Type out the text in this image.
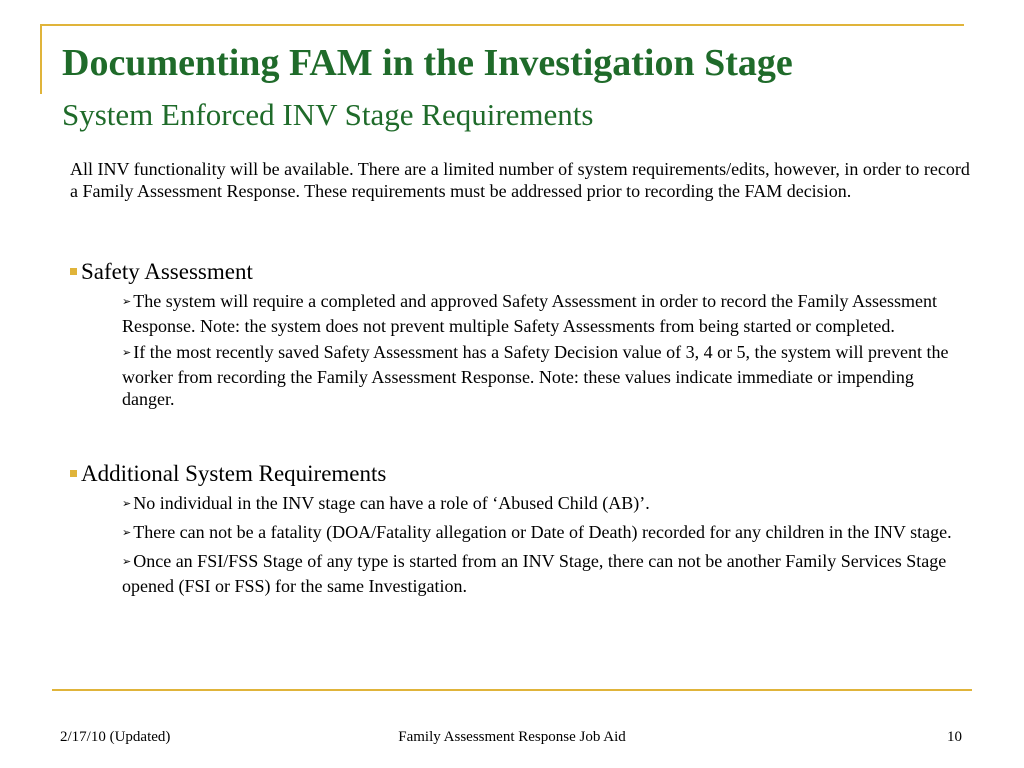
Documenting FAM in the Investigation Stage
System Enforced INV Stage Requirements

All INV functionality will be available. There are a limited number of system requirements/edits, however, in order to record a Family Assessment Response. These requirements must be addressed prior to recording the FAM decision.

Safety Assessment

➢ The system will require a completed and approved Safety Assessment in order to record the Family Assessment Response. Note: the system does not prevent multiple Safety Assessments from being started or completed.
➢ If the most recently saved Safety Assessment has a Safety Decision value of 3, 4 or 5, the system will prevent the worker from recording the Family Assessment Response. Note: these values indicate immediate or impending danger.

Additional System Requirements

➢ No individual in the INV stage can have a role of ‘Abused Child (AB)’.
➢ There can not be a fatality (DOA/Fatality allegation or Date of Death) recorded for any children in the INV stage.
➢ Once an FSI/FSS Stage of any type is started from an INV Stage, there can not be another Family Services Stage opened (FSI or FSS) for the same Investigation.
2/17/10 (Updated)	Family Assessment Response Job Aid	10
